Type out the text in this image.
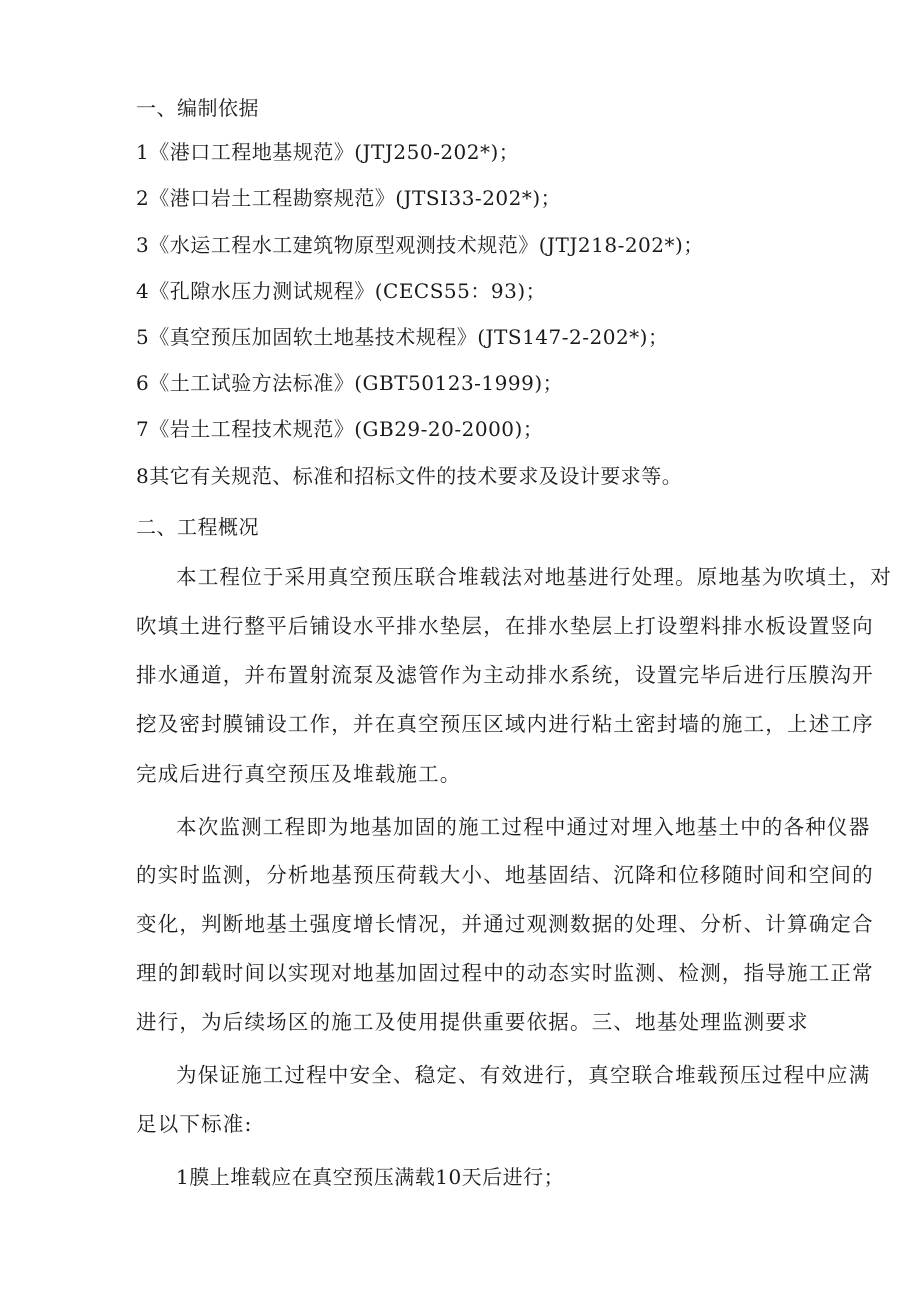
一、编制依据
1《港口工程地基规范》(JTJ250-202*)；
2《港口岩土工程勘察规范》(JTSI33-202*)；
3《水运工程水工建筑物原型观测技术规范》(JTJ218-202*)；
4《孔隙水压力测试规程》(CECS55：93)；
5《真空预压加固软土地基技术规程》(JTS147-2-202*)；
6《土工试验方法标准》(GBT50123-1999)；
7《岩土工程技术规范》(GB29-20-2000)；
8其它有关规范、标准和招标文件的技术要求及设计要求等。
二、工程概况
本工程位于采用真空预压联合堆载法对地基进行处理。原地基为吹填土，对
吹填土进行整平后铺设水平排水垫层，在排水垫层上打设塑料排水板设置竖向
排水通道，并布置射流泵及滤管作为主动排水系统，设置完毕后进行压膜沟开
挖及密封膜铺设工作，并在真空预压区域内进行粘土密封墙的施工，上述工序
完成后进行真空预压及堆载施工。
本次监测工程即为地基加固的施工过程中通过对埋入地基土中的各种仪器
的实时监测，分析地基预压荷载大小、地基固结、沉降和位移随时间和空间的
变化，判断地基土强度增长情况，并通过观测数据的处理、分析、计算确定合
理的卸载时间以实现对地基加固过程中的动态实时监测、检测，指导施工正常
进行，为后续场区的施工及使用提供重要依据。三、地基处理监测要求
为保证施工过程中安全、稳定、有效进行，真空联合堆载预压过程中应满
足以下标准:
1膜上堆载应在真空预压满载10天后进行；
